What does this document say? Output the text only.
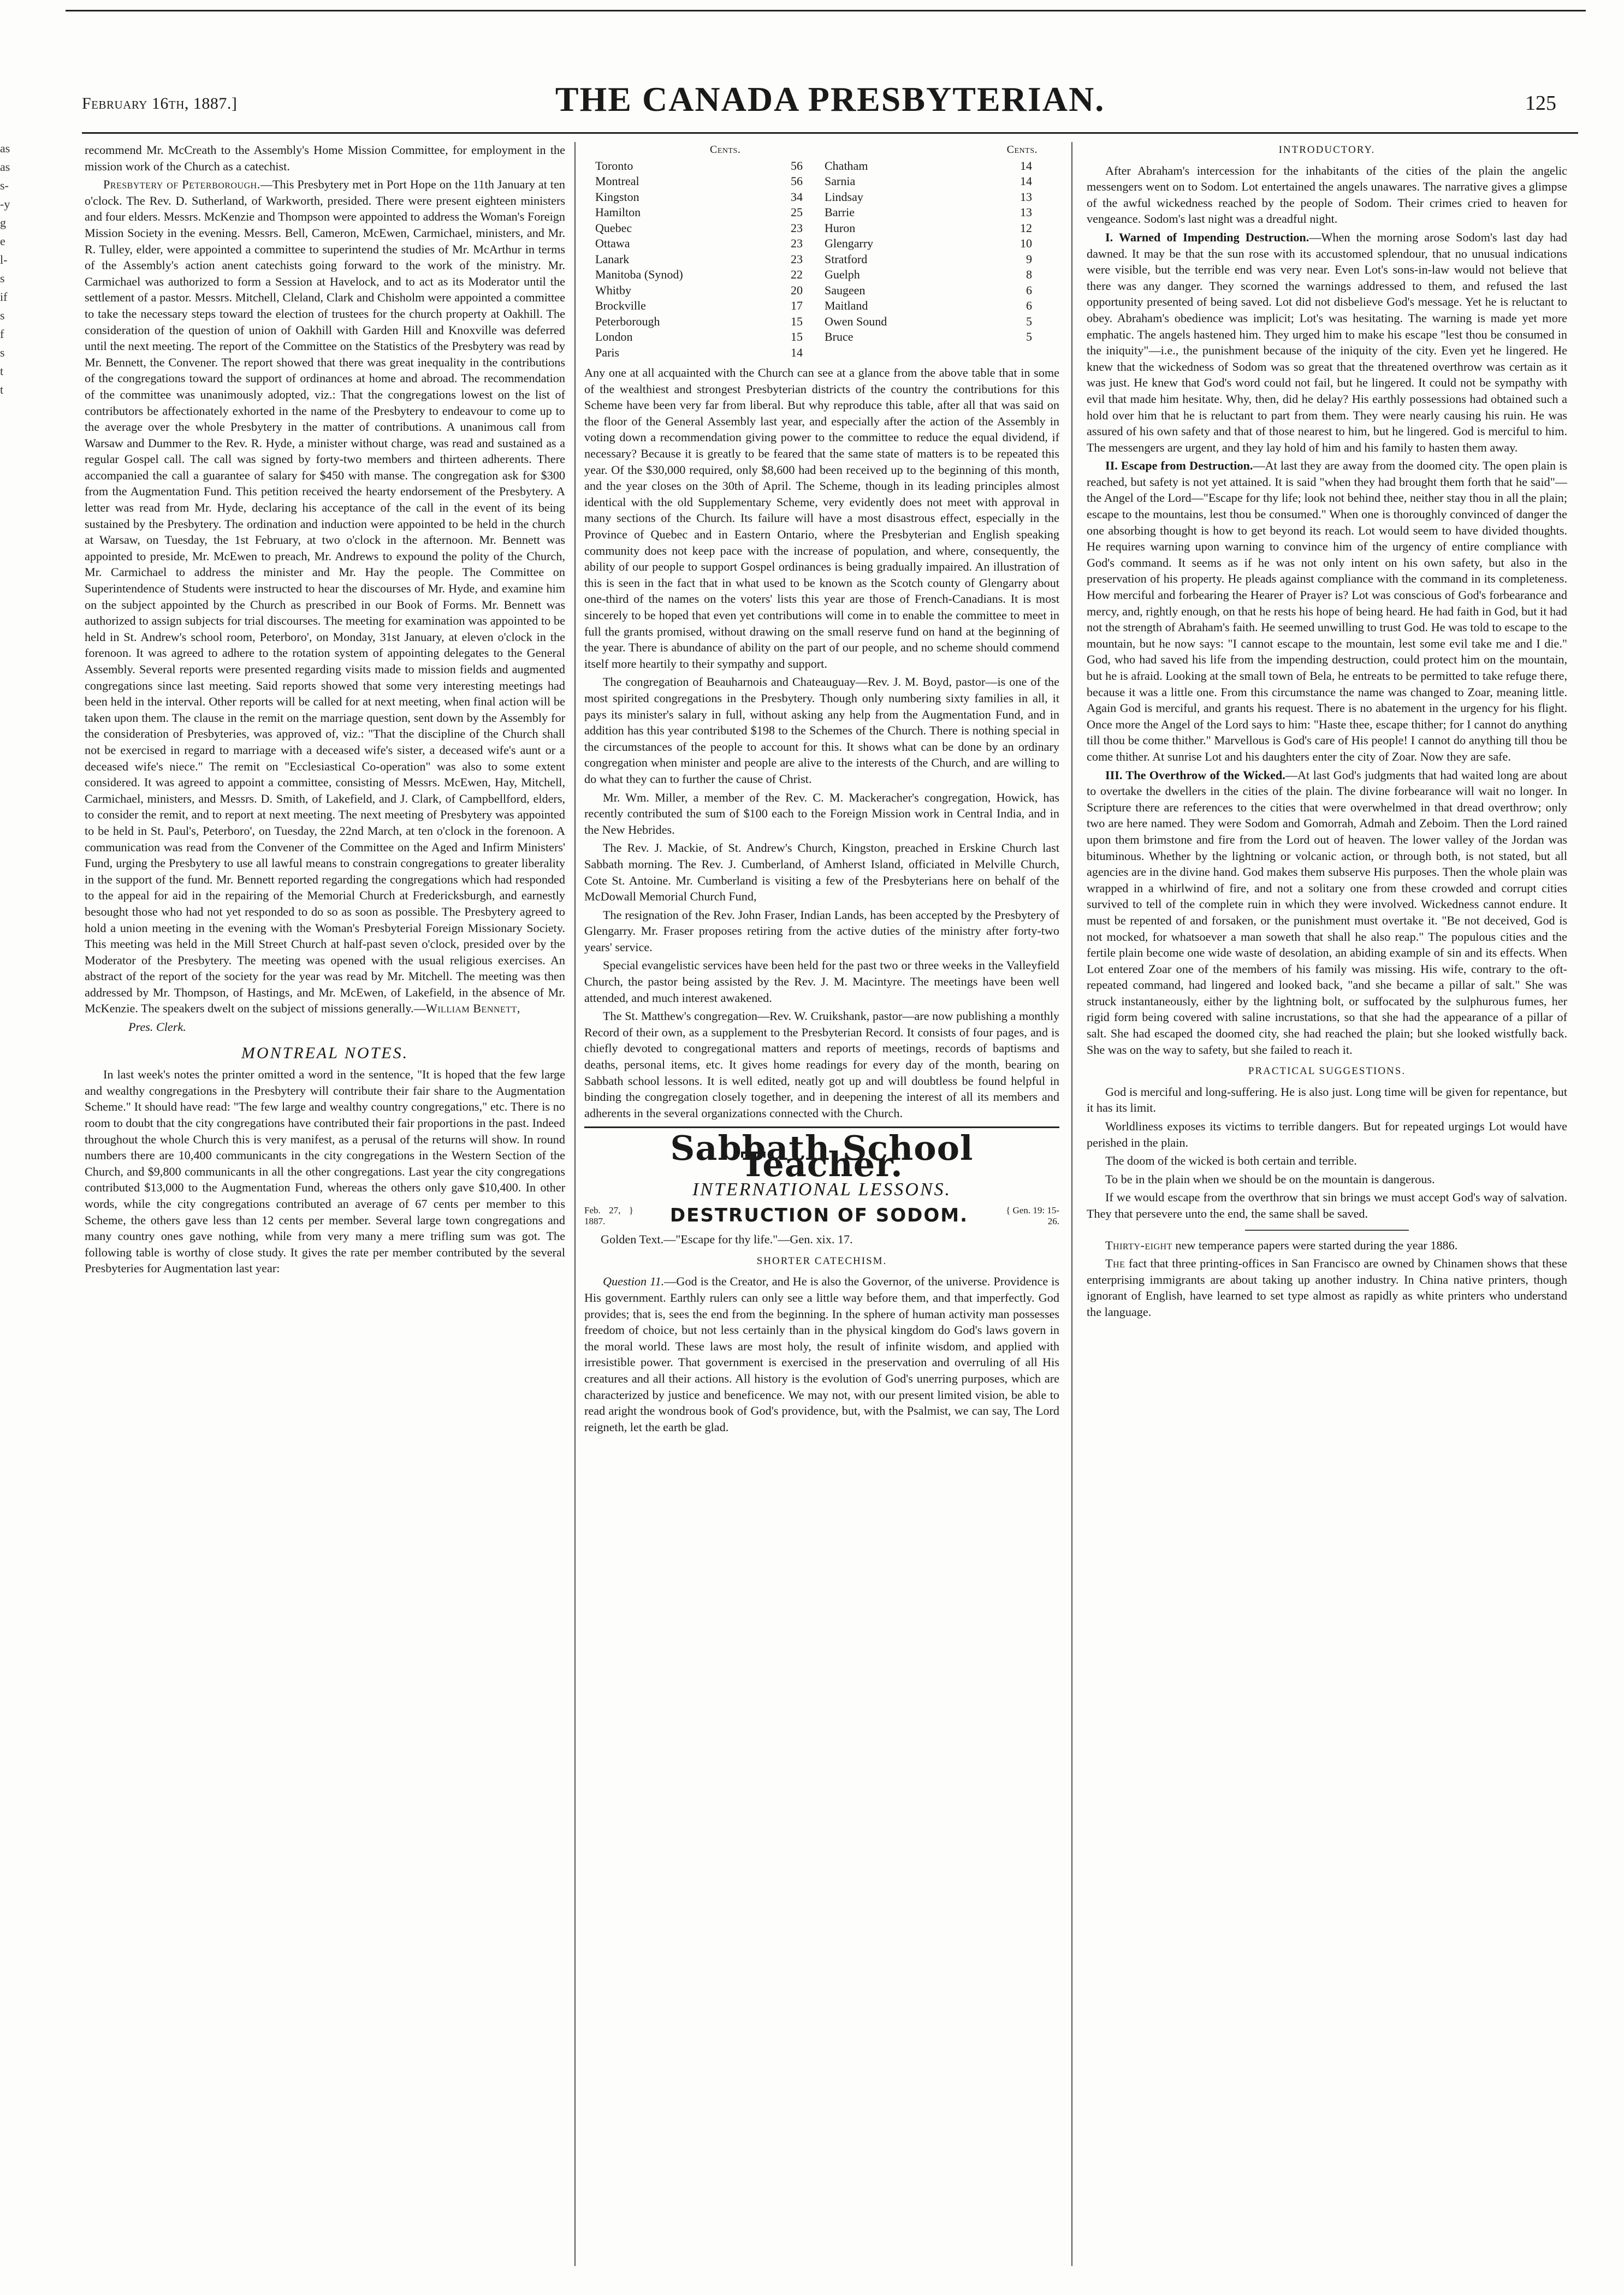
February 16th, 1887.]	THE CANADA PRESBYTERIAN.	125
as
as
s-
-y
g
e
l-
s
if
s
f
s
t
t

recommend Mr. McCreath to the Assembly's Home Mission Committee, for employment in the mission work of the Church as a catechist.

Presbytery of Peterborough.—This Presbytery met in Port Hope on the 11th January at ten o'clock. The Rev. D. Sutherland, of Warkworth, presided. There were present eighteen ministers and four elders. Messrs. McKenzie and Thompson were appointed to address the Woman's Foreign Mission Society in the evening. Messrs. Bell, Cameron, McEwen, Carmichael, ministers, and Mr. R. Tulley, elder, were appointed a committee to superintend the studies of Mr. McArthur in terms of the Assembly's action anent catechists going forward to the work of the ministry. Mr. Carmichael was authorized to form a Session at Havelock, and to act as its Moderator until the settlement of a pastor. Messrs. Mitchell, Cleland, Clark and Chisholm were appointed a committee to take the necessary steps toward the election of trustees for the church property at Oakhill. The consideration of the question of union of Oakhill with Garden Hill and Knoxville was deferred until the next meeting. The report of the Committee on the Statistics of the Presbytery was read by Mr. Bennett, the Convener. The report showed that there was great inequality in the contributions of the congregations toward the support of ordinances at home and abroad. The recommendation of the committee was unanimously adopted, viz.: That the congregations lowest on the list of contributors be affectionately exhorted in the name of the Presbytery to endeavour to come up to the average over the whole Presbytery in the matter of contributions. A unanimous call from Warsaw and Dummer to the Rev. R. Hyde, a minister without charge, was read and sustained as a regular Gospel call. The call was signed by forty-two members and thirteen adherents. There accompanied the call a guarantee of salary for $450 with manse. The congregation ask for $300 from the Augmentation Fund. This petition received the hearty endorsement of the Presbytery. A letter was read from Mr. Hyde, declaring his acceptance of the call in the event of its being sustained by the Presbytery. The ordination and induction were appointed to be held in the church at Warsaw, on Tuesday, the 1st February, at two o'clock in the afternoon. Mr. Bennett was appointed to preside, Mr. McEwen to preach, Mr. Andrews to expound the polity of the Church, Mr. Carmichael to address the minister and Mr. Hay the people. The Committee on Superintendence of Students were instructed to hear the discourses of Mr. Hyde, and examine him on the subject appointed by the Church as prescribed in our Book of Forms. Mr. Bennett was authorized to assign subjects for trial discourses. The meeting for examination was appointed to be held in St. Andrew's school room, Peterboro', on Monday, 31st January, at eleven o'clock in the forenoon. It was agreed to adhere to the rotation system of appointing delegates to the General Assembly. Several reports were presented regarding visits made to mission fields and augmented congregations since last meeting. Said reports showed that some very interesting meetings had been held in the interval. Other reports will be called for at next meeting, when final action will be taken upon them. The clause in the remit on the marriage question, sent down by the Assembly for the consideration of Presbyteries, was approved of, viz.: "That the discipline of the Church shall not be exercised in regard to marriage with a deceased wife's sister, a deceased wife's aunt or a deceased wife's niece." The remit on "Ecclesiastical Co-operation" was also to some extent considered. It was agreed to appoint a committee, consisting of Messrs. McEwen, Hay, Mitchell, Carmichael, ministers, and Messrs. D. Smith, of Lakefield, and J. Clark, of Campbellford, elders, to consider the remit, and to report at next meeting. The next meeting of Presbytery was appointed to be held in St. Paul's, Peterboro', on Tuesday, the 22nd March, at ten o'clock in the forenoon. A communication was read from the Convener of the Committee on the Aged and Infirm Ministers' Fund, urging the Presbytery to use all lawful means to constrain congregations to greater liberality in the support of the fund. Mr. Bennett reported regarding the congregations which had responded to the appeal for aid in the repairing of the Memorial Church at Fredericksburgh, and earnestly besought those who had not yet responded to do so as soon as possible. The Presbytery agreed to hold a union meeting in the evening with the Woman's Presbyterial Foreign Missionary Society. This meeting was held in the Mill Street Church at half-past seven o'clock, presided over by the Moderator of the Presbytery. The meeting was opened with the usual religious exercises. An abstract of the report of the society for the year was read by Mr. Mitchell. The meeting was then addressed by Mr. Thompson, of Hastings, and Mr. McEwen, of Lakefield, in the absence of Mr. McKenzie. The speakers dwelt on the subject of missions generally.—William Bennett,

Pres. Clerk.

MONTREAL NOTES.

In last week's notes the printer omitted a word in the sentence, "It is hoped that the few large and wealthy congregations in the Presbytery will contribute their fair share to the Augmentation Scheme." It should have read: "The few large and wealthy country congregations," etc. There is no room to doubt that the city congregations have contributed their fair proportions in the past. Indeed throughout the whole Church this is very manifest, as a perusal of the returns will show. In round numbers there are 10,400 communicants in the city congregations in the Western Section of the Church, and $9,800 communicants in all the other congregations. Last year the city congregations contributed $13,000 to the Augmentation Fund, whereas the others only gave $10,400. In other words, while the city congregations contributed an average of 67 cents per member to this Scheme, the others gave less than 12 cents per member. Several large town congregations and many country ones gave nothing, while from very many a mere trifling sum was got. The following table is worthy of close study. It gives the rate per member contributed by the several Presbyteries for Augmentation last year:

Cents.	Cents.
Toronto	56
Montreal	56
Kingston	34
Hamilton	25
Quebec	23
Ottawa	23
Lanark	23
Manitoba (Synod)	22
Whitby	20
Brockville	17
Peterborough	15
London	15
Paris	14
Chatham	14
Sarnia	14
Lindsay	13
Barrie	13
Huron	12
Glengarry	10
Stratford	9
Guelph	8
Saugeen	6
Maitland	6
Owen Sound	5
Bruce	5

Any one at all acquainted with the Church can see at a glance from the above table that in some of the wealthiest and strongest Presbyterian districts of the country the contributions for this Scheme have been very far from liberal. But why reproduce this table, after all that was said on the floor of the General Assembly last year, and especially after the action of the Assembly in voting down a recommendation giving power to the committee to reduce the equal dividend, if necessary? Because it is greatly to be feared that the same state of matters is to be repeated this year. Of the $30,000 required, only $8,600 had been received up to the beginning of this month, and the year closes on the 30th of April. The Scheme, though in its leading principles almost identical with the old Supplementary Scheme, very evidently does not meet with approval in many sections of the Church. Its failure will have a most disastrous effect, especially in the Province of Quebec and in Eastern Ontario, where the Presbyterian and English speaking community does not keep pace with the increase of population, and where, consequently, the ability of our people to support Gospel ordinances is being gradually impaired. An illustration of this is seen in the fact that in what used to be known as the Scotch county of Glengarry about one-third of the names on the voters' lists this year are those of French-Canadians. It is most sincerely to be hoped that even yet contributions will come in to enable the committee to meet in full the grants promised, without drawing on the small reserve fund on hand at the beginning of the year. There is abundance of ability on the part of our people, and no scheme should commend itself more heartily to their sympathy and support.

The congregation of Beauharnois and Chateauguay—Rev. J. M. Boyd, pastor—is one of the most spirited congregations in the Presbytery. Though only numbering sixty families in all, it pays its minister's salary in full, without asking any help from the Augmentation Fund, and in addition has this year contributed $198 to the Schemes of the Church. There is nothing special in the circumstances of the people to account for this. It shows what can be done by an ordinary congregation when minister and people are alive to the interests of the Church, and are willing to do what they can to further the cause of Christ.

Mr. Wm. Miller, a member of the Rev. C. M. Mackeracher's congregation, Howick, has recently contributed the sum of $100 each to the Foreign Mission work in Central India, and in the New Hebrides.

The Rev. J. Mackie, of St. Andrew's Church, Kingston, preached in Erskine Church last Sabbath morning. The Rev. J. Cumberland, of Amherst Island, officiated in Melville Church, Cote St. Antoine. Mr. Cumberland is visiting a few of the Presbyterians here on behalf of the McDowall Memorial Church Fund,

The resignation of the Rev. John Fraser, Indian Lands, has been accepted by the Presbytery of Glengarry. Mr. Fraser proposes retiring from the active duties of the ministry after forty-two years' service.

Special evangelistic services have been held for the past two or three weeks in the Valleyfield Church, the pastor being assisted by the Rev. J. M. Macintyre. The meetings have been well attended, and much interest awakened.

The St. Matthew's congregation—Rev. W. Cruikshank, pastor—are now publishing a monthly Record of their own, as a supplement to the Presbyterian Record. It consists of four pages, and is chiefly devoted to congregational matters and reports of meetings, records of baptisms and deaths, personal items, etc. It gives home readings for every day of the month, bearing on Sabbath school lessons. It is well edited, neatly got up and will doubtless be found helpful in binding the congregation closely together, and in deepening the interest of all its members and adherents in the several organizations connected with the Church.

Sabbath School Teacher.
INTERNATIONAL LESSONS.
Feb. 27, } 1887.	DESTRUCTION OF SODOM.	{ Gen. 19: 15-26.

Golden Text.—"Escape for thy life."—Gen. xix. 17.

SHORTER CATECHISM.

Question 11.—God is the Creator, and He is also the Governor, of the universe. Providence is His government. Earthly rulers can only see a little way before them, and that imperfectly. God provides; that is, sees the end from the beginning. In the sphere of human activity man possesses freedom of choice, but not less certainly than in the physical kingdom do God's laws govern in the moral world. These laws are most holy, the result of infinite wisdom, and applied with irresistible power. That government is exercised in the preservation and overruling of all His creatures and all their actions. All history is the evolution of God's unerring purposes, which are characterized by justice and beneficence. We may not, with our present limited vision, be able to read aright the wondrous book of God's providence, but, with the Psalmist, we can say, The Lord reigneth, let the earth be glad.

INTRODUCTORY.

After Abraham's intercession for the inhabitants of the cities of the plain the angelic messengers went on to Sodom. Lot entertained the angels unawares. The narrative gives a glimpse of the awful wickedness reached by the people of Sodom. Their crimes cried to heaven for vengeance. Sodom's last night was a dreadful night.

I. Warned of Impending Destruction.—When the morning arose Sodom's last day had dawned. It may be that the sun rose with its accustomed splendour, that no unusual indications were visible, but the terrible end was very near. Even Lot's sons-in-law would not believe that there was any danger. They scorned the warnings addressed to them, and refused the last opportunity presented of being saved. Lot did not disbelieve God's message. Yet he is reluctant to obey. Abraham's obedience was implicit; Lot's was hesitating. The warning is made yet more emphatic. The angels hastened him. They urged him to make his escape "lest thou be consumed in the iniquity"—i.e., the punishment because of the iniquity of the city. Even yet he lingered. He knew that the wickedness of Sodom was so great that the threatened overthrow was certain as it was just. He knew that God's word could not fail, but he lingered. It could not be sympathy with evil that made him hesitate. Why, then, did he delay? His earthly possessions had obtained such a hold over him that he is reluctant to part from them. They were nearly causing his ruin. He was assured of his own safety and that of those nearest to him, but he lingered. God is merciful to him. The messengers are urgent, and they lay hold of him and his family to hasten them away.

II. Escape from Destruction.—At last they are away from the doomed city. The open plain is reached, but safety is not yet attained. It is said "when they had brought them forth that he said"—the Angel of the Lord—"Escape for thy life; look not behind thee, neither stay thou in all the plain; escape to the mountains, lest thou be consumed." When one is thoroughly convinced of danger the one absorbing thought is how to get beyond its reach. Lot would seem to have divided thoughts. He requires warning upon warning to convince him of the urgency of entire compliance with God's command. It seems as if he was not only intent on his own safety, but also in the preservation of his property. He pleads against compliance with the command in its completeness. How merciful and forbearing the Hearer of Prayer is? Lot was conscious of God's forbearance and mercy, and, rightly enough, on that he rests his hope of being heard. He had faith in God, but it had not the strength of Abraham's faith. He seemed unwilling to trust God. He was told to escape to the mountain, but he now says: "I cannot escape to the mountain, lest some evil take me and I die." God, who had saved his life from the impending destruction, could protect him on the mountain, but he is afraid. Looking at the small town of Bela, he entreats to be permitted to take refuge there, because it was a little one. From this circumstance the name was changed to Zoar, meaning little. Again God is merciful, and grants his request. There is no abatement in the urgency for his flight. Once more the Angel of the Lord says to him: "Haste thee, escape thither; for I cannot do anything till thou be come thither." Marvellous is God's care of His people! I cannot do anything till thou be come thither. At sunrise Lot and his daughters enter the city of Zoar. Now they are safe.

III. The Overthrow of the Wicked.—At last God's judgments that had waited long are about to overtake the dwellers in the cities of the plain. The divine forbearance will wait no longer. In Scripture there are references to the cities that were overwhelmed in that dread overthrow; only two are here named. They were Sodom and Gomorrah, Admah and Zeboim. Then the Lord rained upon them brimstone and fire from the Lord out of heaven. The lower valley of the Jordan was bituminous. Whether by the lightning or volcanic action, or through both, is not stated, but all agencies are in the divine hand. God makes them subserve His purposes. Then the whole plain was wrapped in a whirlwind of fire, and not a solitary one from these crowded and corrupt cities survived to tell of the complete ruin in which they were involved. Wickedness cannot endure. It must be repented of and forsaken, or the punishment must overtake it. "Be not deceived, God is not mocked, for whatsoever a man soweth that shall he also reap." The populous cities and the fertile plain become one wide waste of desolation, an abiding example of sin and its effects. When Lot entered Zoar one of the members of his family was missing. His wife, contrary to the oft-repeated command, had lingered and looked back, "and she became a pillar of salt." She was struck instantaneously, either by the lightning bolt, or suffocated by the sulphurous fumes, her rigid form being covered with saline incrustations, so that she had the appearance of a pillar of salt. She had escaped the doomed city, she had reached the plain; but she looked wistfully back. She was on the way to safety, but she failed to reach it.

PRACTICAL SUGGESTIONS.

God is merciful and long-suffering. He is also just. Long time will be given for repentance, but it has its limit.

Worldliness exposes its victims to terrible dangers. But for repeated urgings Lot would have perished in the plain.

The doom of the wicked is both certain and terrible.

To be in the plain when we should be on the mountain is dangerous.

If we would escape from the overthrow that sin brings we must accept God's way of salvation. They that persevere unto the end, the same shall be saved.

Thirty-eight new temperance papers were started during the year 1886.

The fact that three printing-offices in San Francisco are owned by Chinamen shows that these enterprising immigrants are about taking up another industry. In China native printers, though ignorant of English, have learned to set type almost as rapidly as white printers who understand the language.
